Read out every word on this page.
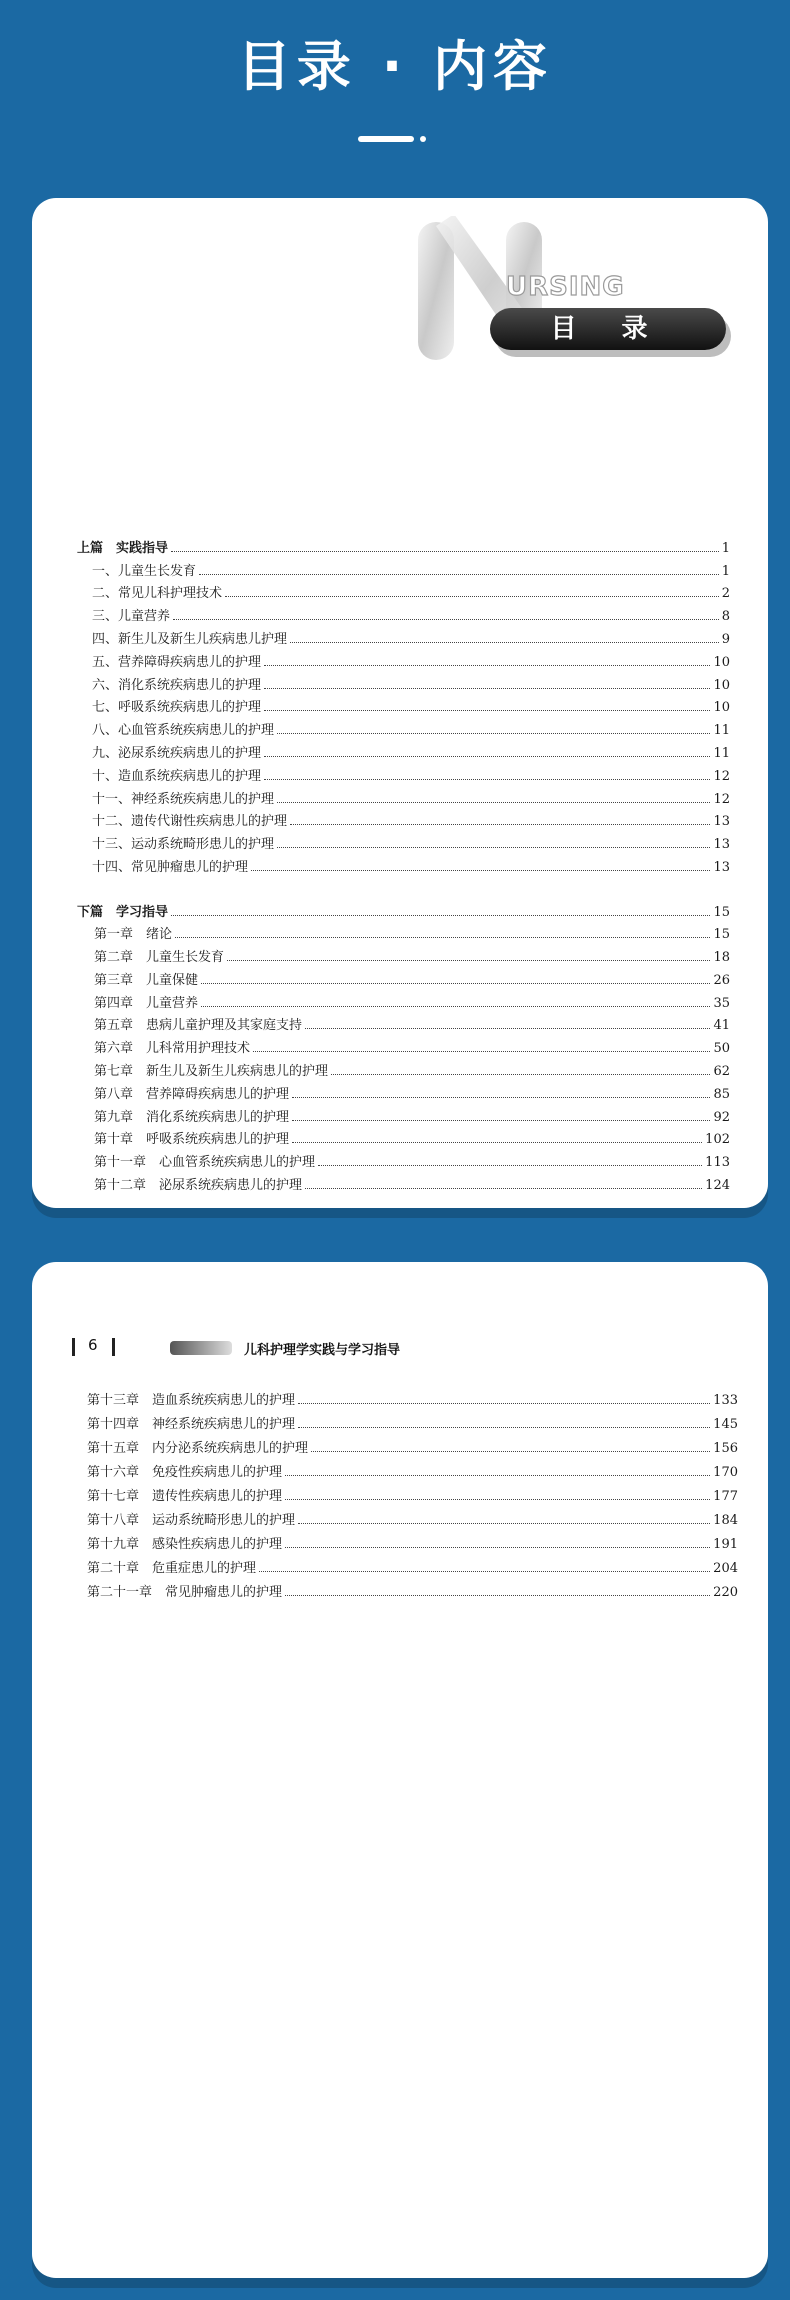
目录 · 内容
URSING
目 录
上篇　实践指导	1
一、儿童生长发育	1
二、常见儿科护理技术	2
三、儿童营养	8
四、新生儿及新生儿疾病患儿护理	9
五、营养障碍疾病患儿的护理	10
六、消化系统疾病患儿的护理	10
七、呼吸系统疾病患儿的护理	10
八、心血管系统疾病患儿的护理	11
九、泌尿系统疾病患儿的护理	11
十、造血系统疾病患儿的护理	12
十一、神经系统疾病患儿的护理	12
十二、遗传代谢性疾病患儿的护理	13
十三、运动系统畸形患儿的护理	13
十四、常见肿瘤患儿的护理	13
下篇　学习指导	15
第一章　绪论	15
第二章　儿童生长发育	18
第三章　儿童保健	26
第四章　儿童营养	35
第五章　患病儿童护理及其家庭支持	41
第六章　儿科常用护理技术	50
第七章　新生儿及新生儿疾病患儿的护理	62
第八章　营养障碍疾病患儿的护理	85
第九章　消化系统疾病患儿的护理	92
第十章　呼吸系统疾病患儿的护理	102
第十一章　心血管系统疾病患儿的护理	113
第十二章　泌尿系统疾病患儿的护理	124
6	儿科护理学实践与学习指导
第十三章　造血系统疾病患儿的护理	133
第十四章　神经系统疾病患儿的护理	145
第十五章　内分泌系统疾病患儿的护理	156
第十六章　免疫性疾病患儿的护理	170
第十七章　遗传性疾病患儿的护理	177
第十八章　运动系统畸形患儿的护理	184
第十九章　感染性疾病患儿的护理	191
第二十章　危重症患儿的护理	204
第二十一章　常见肿瘤患儿的护理	220
